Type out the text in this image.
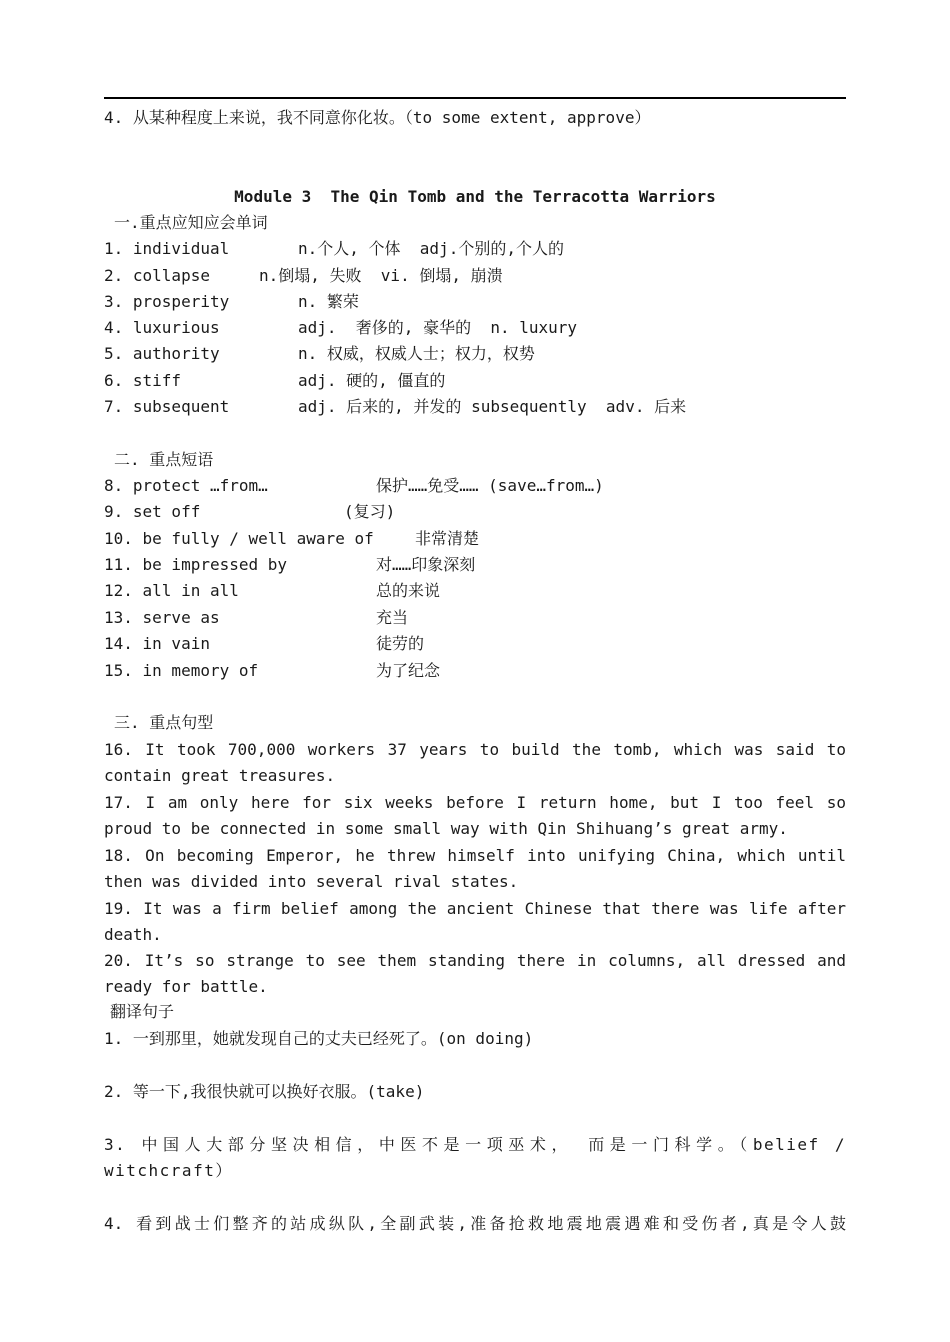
4. 从某种程度上来说，我不同意你化妆。（to some extent, approve）
Module 3  The Qin Tomb and the Terracotta Warriors
一.重点应知应会单词

1. individual

	n.个人, 个体  adj.个别的,个人的

2. collapse

	n.倒塌, 失败  vi. 倒塌, 崩溃

3. prosperity

	n. 繁荣

4. luxurious

	adj.  奢侈的, 豪华的  n. luxury

5. authority

	n. 权威，权威人士；权力，权势

6. stiff

	adj. 硬的, 僵直的

7. subsequent

	adj. 后来的, 并发的 subsequently  adv. 后来

二. 重点短语

8. protect …from…

	保护……免受…… (save…from…)

9. set off

	(复习)

10. be fully / well aware of

	非常清楚

11. be impressed by

	对……印象深刻

12. all in all

	总的来说

13. serve as

	充当

14. in vain

	徒劳的

15. in memory of

	为了纪念

三. 重点句型
16. It took 700,000 workers 37 years to build the tomb, which was said to contain great treasures.
17. I am only here for six weeks before I return home, but I too feel so proud to be connected in some small way with Qin Shihuang’s great army.
18. On becoming Emperor, he threw himself into unifying China, which until then was divided into several rival states.
19. It was a firm belief among the ancient Chinese that there was life after death.
20. It’s so strange to see them standing there in columns, all dressed and ready for battle.
翻译句子
1. 一到那里，她就发现自己的丈夫已经死了。(on doing)
2. 等一下,我很快就可以换好衣服。(take)
3. 中国人大部分坚决相信，中医不是一项巫术， 而是一门科学。（belief / witchcraft）
4. 看到战士们整齐的站成纵队,全副武装,准备抢救地震地震遇难和受伤者,真是令人鼓
